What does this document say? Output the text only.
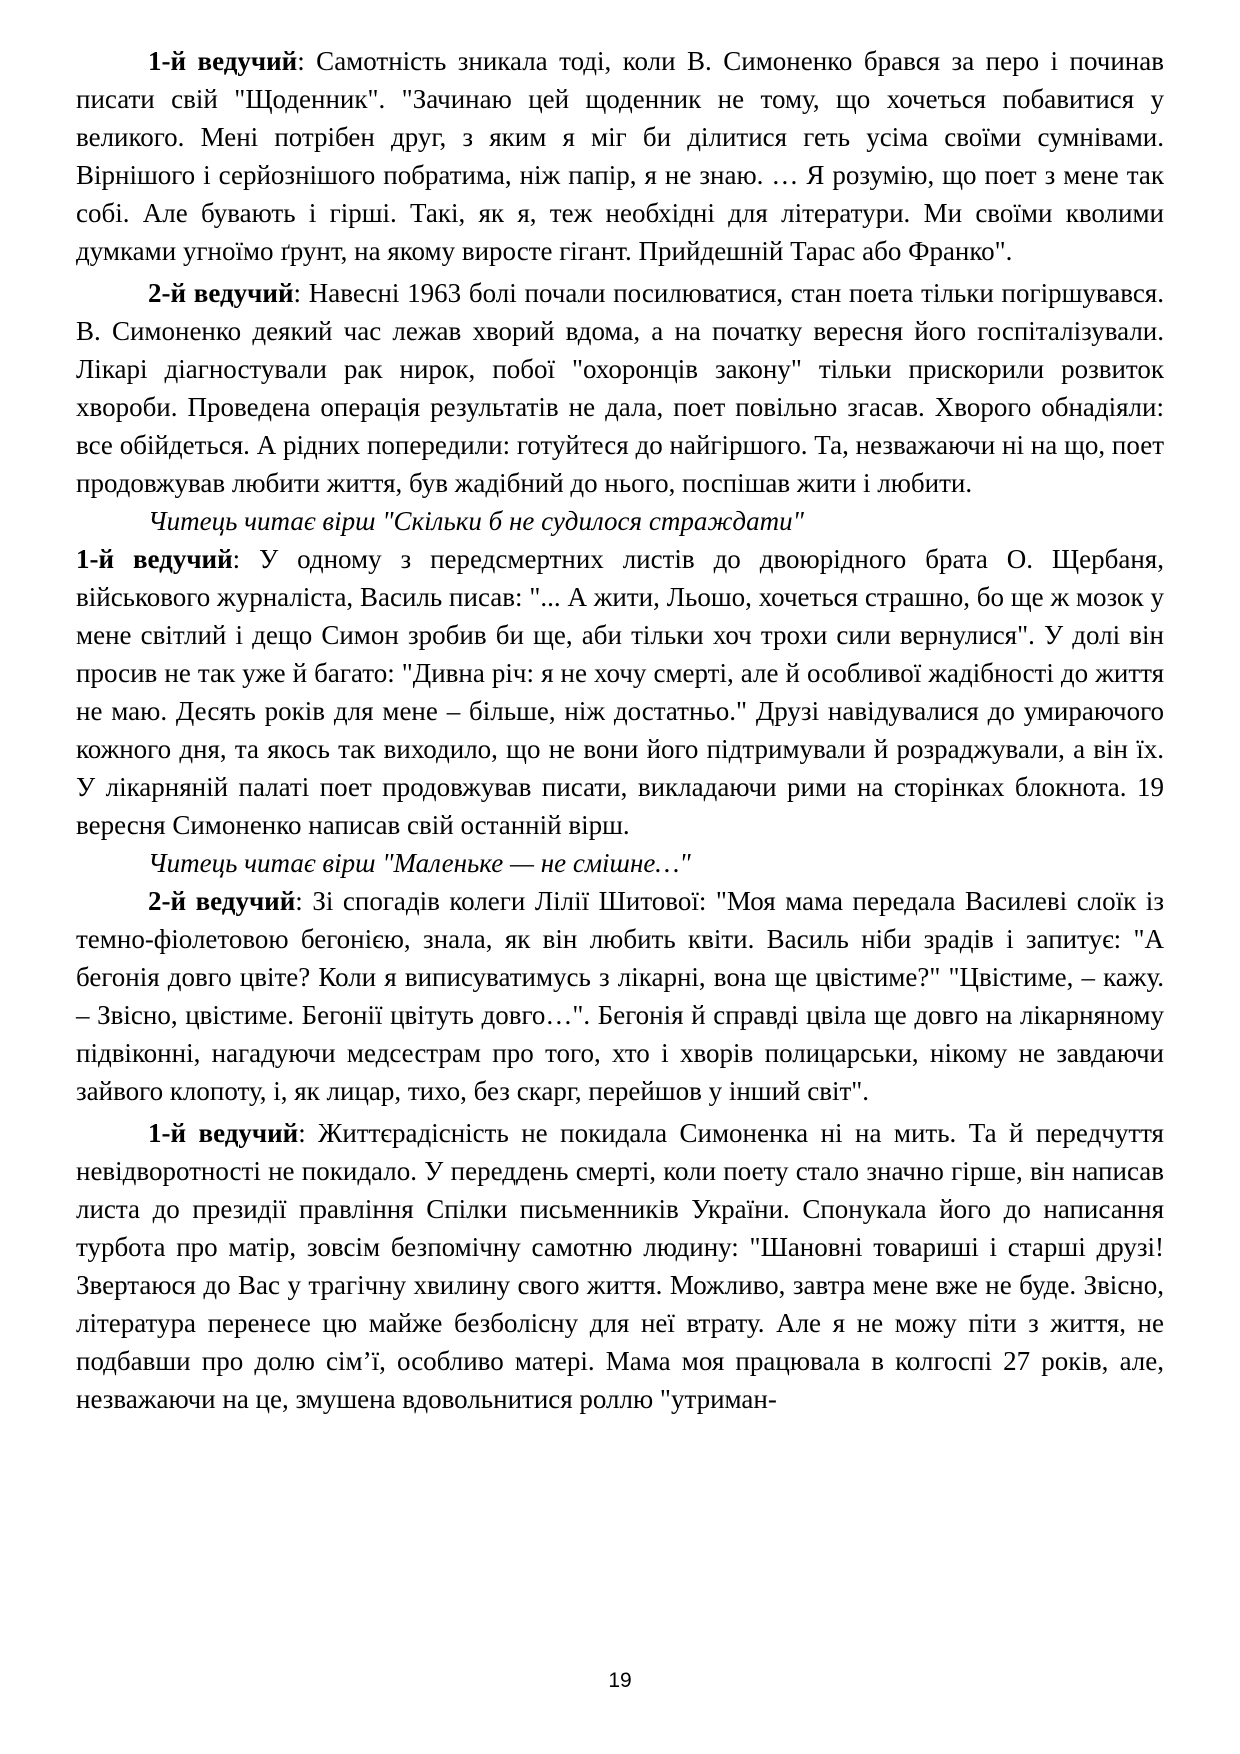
1-й ведучий: Самотність зникала тоді, коли В. Симоненко брався за перо і починав писати свій "Щоденник". "Зачинаю цей щоденник не тому, що хочеться побавитися у великого. Мені потрібен друг, з яким я міг би ділитися геть усіма своїми сумнівами. Вірнішого і серйознішого побратима, ніж папір, я не знаю. … Я розумію, що поет з мене так собі. Але бувають і гірші. Такі, як я, теж необхідні для літератури. Ми своїми кволими думками угноїмо ґрунт, на якому виросте гігант. Прийдешній Тарас або Франко".

2-й ведучий: Навесні 1963 болі почали посилюватися, стан поета тільки погіршувався. В. Симоненко деякий час лежав хворий вдома, а на початку вересня його госпіталізували. Лікарі діагностували рак нирок, побої "охоронців закону" тільки прискорили розвиток хвороби. Проведена операція результатів не дала, поет повільно згасав. Хворого обнадіяли: все обійдеться. А рідних попередили: готуйтеся до найгіршого. Та, незважаючи ні на що, поет продовжував любити життя, був жадібний до нього, поспішав жити і любити.

Читець читає вірш "Скільки б не судилося страждати"

1-й ведучий: У одному з передсмертних листів до двоюрідного брата О. Щербаня, військового журналіста, Василь писав: "... А жити, Льошо, хочеться страшно, бо ще ж мозок у мене світлий і дещо Симон зробив би ще, аби тільки хоч трохи сили вернулися". У долі він просив не так уже й багато: "Дивна річ: я не хочу смерті, але й особливої жадібності до життя не маю. Десять років для мене – більше, ніж достатньо." Друзі навідувалися до умираючого кожного дня, та якось так виходило, що не вони його підтримували й розраджували, а він їх. У лікарняній палаті поет продовжував писати, викладаючи рими на сторінках блокнота. 19 вересня Симоненко написав свій останній вірш.

Читець читає вірш "Маленьке — не смішне…"

2-й ведучий: Зі спогадів колеги Лілії Шитової: "Моя мама передала Василеві слоїк із темно-фіолетовою бегонією, знала, як він любить квіти. Василь ніби зрадів і запитує: "А бегонія довго цвіте? Коли я виписуватимусь з лікарні, вона ще цвістиме?" "Цвістиме, – кажу. – Звісно, цвістиме. Бегонії цвітуть довго…". Бегонія й справді цвіла ще довго на лікарняному підвіконні, нагадуючи медсестрам про того, хто і хворів полицарськи, нікому не завдаючи зайвого клопоту, і, як лицар, тихо, без скарг, перейшов у інший світ".

1-й ведучий: Життєрадісність не покидала Симоненка ні на мить. Та й передчуття невідворотності не покидало. У переддень смерті, коли поету стало значно гірше, він написав листа до президії правління Спілки письменників України. Спонукала його до написання турбота про матір, зовсім безпомічну самотню людину: "Шановні товариші і старші друзі! Звертаюся до Вас у трагічну хвилину свого життя. Можливо, завтра мене вже не буде. Звісно, література перенесе цю майже безболісну для неї втрату. Але я не можу піти з життя, не подбавши про долю сім’ї, особливо матері. Мама моя працювала в колгоспі 27 років, але, незважаючи на це, змушена вдовольнитися роллю "утриман-

19
